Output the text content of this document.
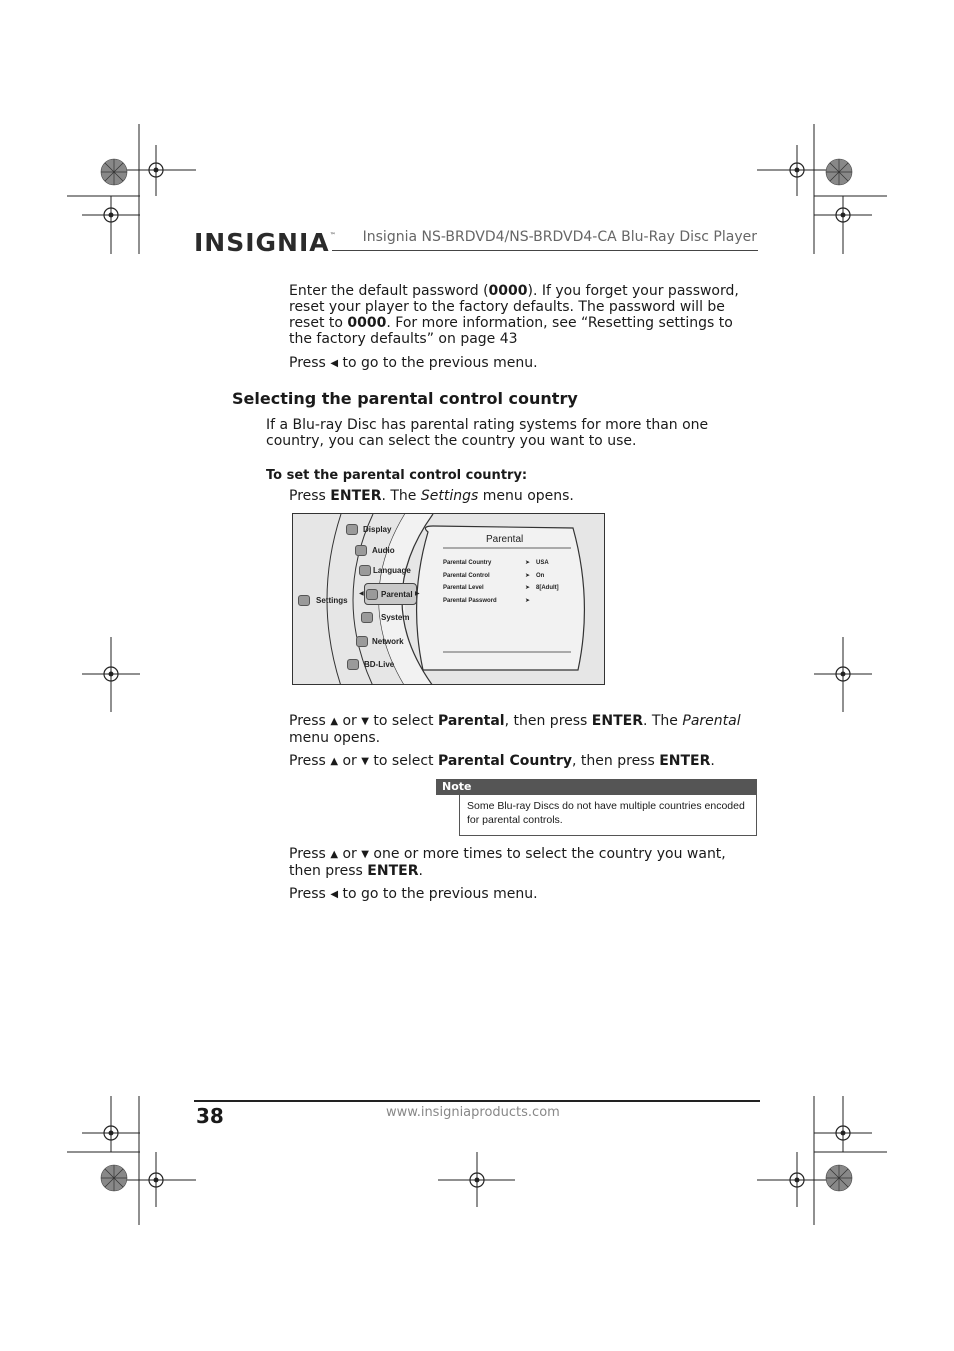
INSIGNIA™ Insignia NS-BRDVD4/NS-BRDVD4-CA Blu-Ray Disc Player
Enter the default password (0000). If you forget your password, reset your player to the factory defaults. The password will be reset to 0000. For more information, see “Resetting settings to the factory defaults” on page 43
Press ◀ to go to the previous menu.
Selecting the parental control country
If a Blu-ray Disc has parental rating systems for more than one country, you can select the country you want to use.
To set the parental control country:
Press ENTER. The Settings menu opens.
Settings
◀	▶
Display
Audio
Language
Parental
System
Network
BD-Live
Parental
Parental Country	➤ USA
Parental Control	➤ On
Parental Level	➤ 8[Adult]
Parental Password	➤
Press ▲ or ▼ to select Parental, then press ENTER. The Parental menu opens.
Press ▲ or ▼ to select Parental Country, then press ENTER.
Note
Some Blu-ray Discs do not have multiple countries encoded for parental controls.
Press ▲ or ▼ one or more times to select the country you want, then press ENTER.
Press ◀ to go to the previous menu.
38	www.insigniaproducts.com
